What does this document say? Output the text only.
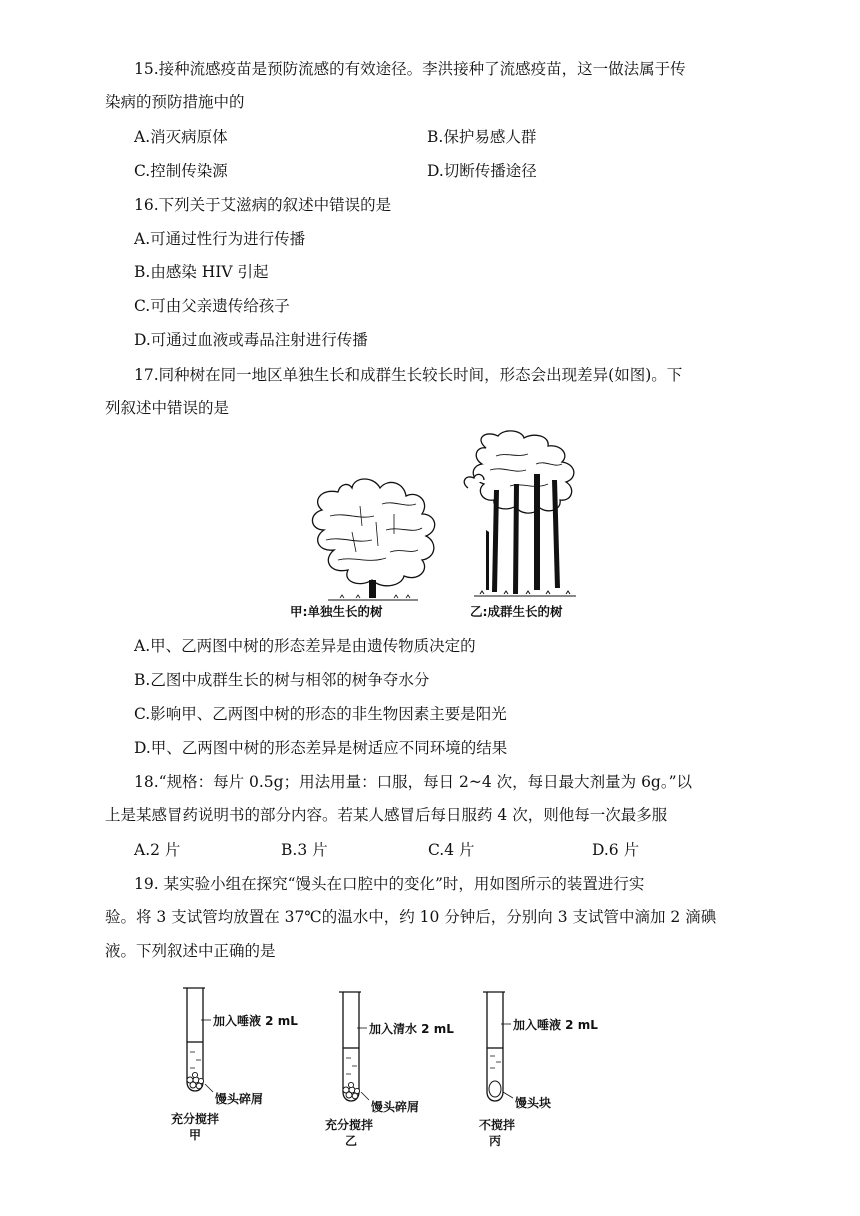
15.接种流感疫苗是预防流感的有效途径。李洪接种了流感疫苗，这一做法属于传
染病的预防措施中的
A.消灭病原体	B.保护易感人群
C.控制传染源	D.切断传播途径
16.下列关于艾滋病的叙述中错误的是
A.可通过性行为进行传播
B.由感染 HIV 引起
C.可由父亲遗传给孩子
D.可通过血液或毒品注射进行传播
17.同种树在同一地区单独生长和成群生长较长时间，形态会出现差异(如图)。下
列叙述中错误的是
甲:单独生长的树	乙:成群生长的树
A.甲、乙两图中树的形态差异是由遗传物质决定的
B.乙图中成群生长的树与相邻的树争夺水分
C.影响甲、乙两图中树的形态的非生物因素主要是阳光
D.甲、乙两图中树的形态差异是树适应不同环境的结果
18.“规格：每片 0.5g；用法用量：口服，每日 2~4 次，每日最大剂量为 6g。”以
上是某感冒药说明书的部分内容。若某人感冒后每日服药 4 次，则他每一次最多服
A.2 片	B.3 片	C.4 片	D.6 片
19. 某实验小组在探究“馒头在口腔中的变化”时，用如图所示的装置进行实
验。将 3 支试管均放置在 37℃的温水中，约 10 分钟后，分别向 3 支试管中滴加 2 滴碘
液。下列叙述中正确的是
加入唾液 2 mL
馒头碎屑
充分搅拌
甲
加入清水 2 mL
馒头碎屑
充分搅拌
乙
加入唾液 2 mL
馒头块
不搅拌
丙
